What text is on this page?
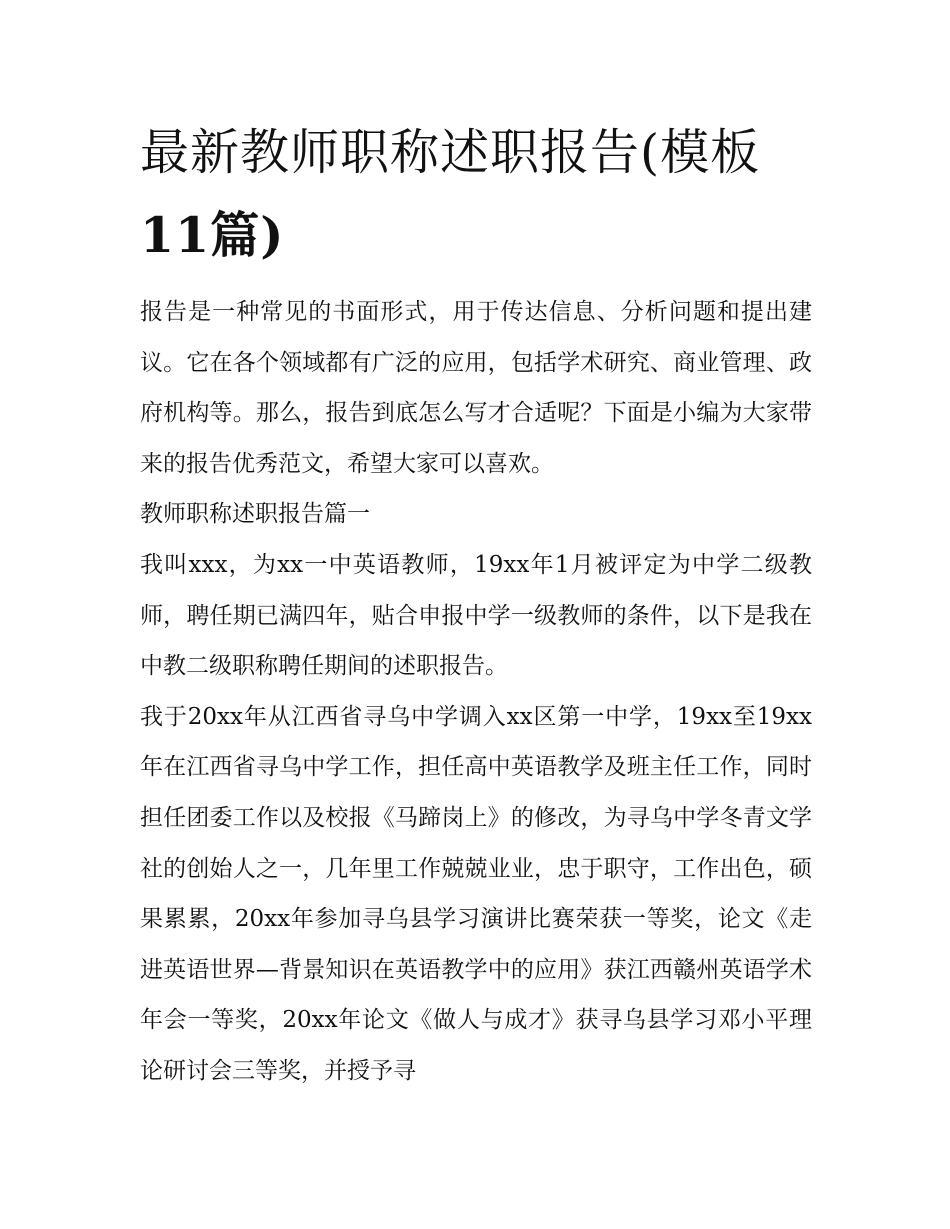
最新教师职称述职报告(模板
11篇)

报告是一种常见的书面形式，用于传达信息、分析问题和提出建议。它在各个领域都有广泛的应用，包括学术研究、商业管理、政府机构等。那么，报告到底怎么写才合适呢？下面是小编为大家带来的报告优秀范文，希望大家可以喜欢。

教师职称述职报告篇一

我叫xxx，为xx一中英语教师，19xx年1月被评定为中学二级教师，聘任期已满四年，贴合申报中学一级教师的条件，以下是我在中教二级职称聘任期间的述职报告。

我于20xx年从江西省寻乌中学调入xx区第一中学，19xx至19xx年在江西省寻乌中学工作，担任高中英语教学及班主任工作，同时担任团委工作以及校报《马蹄岗上》的修改，为寻乌中学冬青文学社的创始人之一，几年里工作兢兢业业，忠于职守，工作出色，硕果累累，20xx年参加寻乌县学习演讲比赛荣获一等奖，论文《走进英语世界—背景知识在英语教学中的应用》获江西赣州英语学术年会一等奖，20xx年论文《做人与成才》获寻乌县学习邓小平理论研讨会三等奖，并授予寻
